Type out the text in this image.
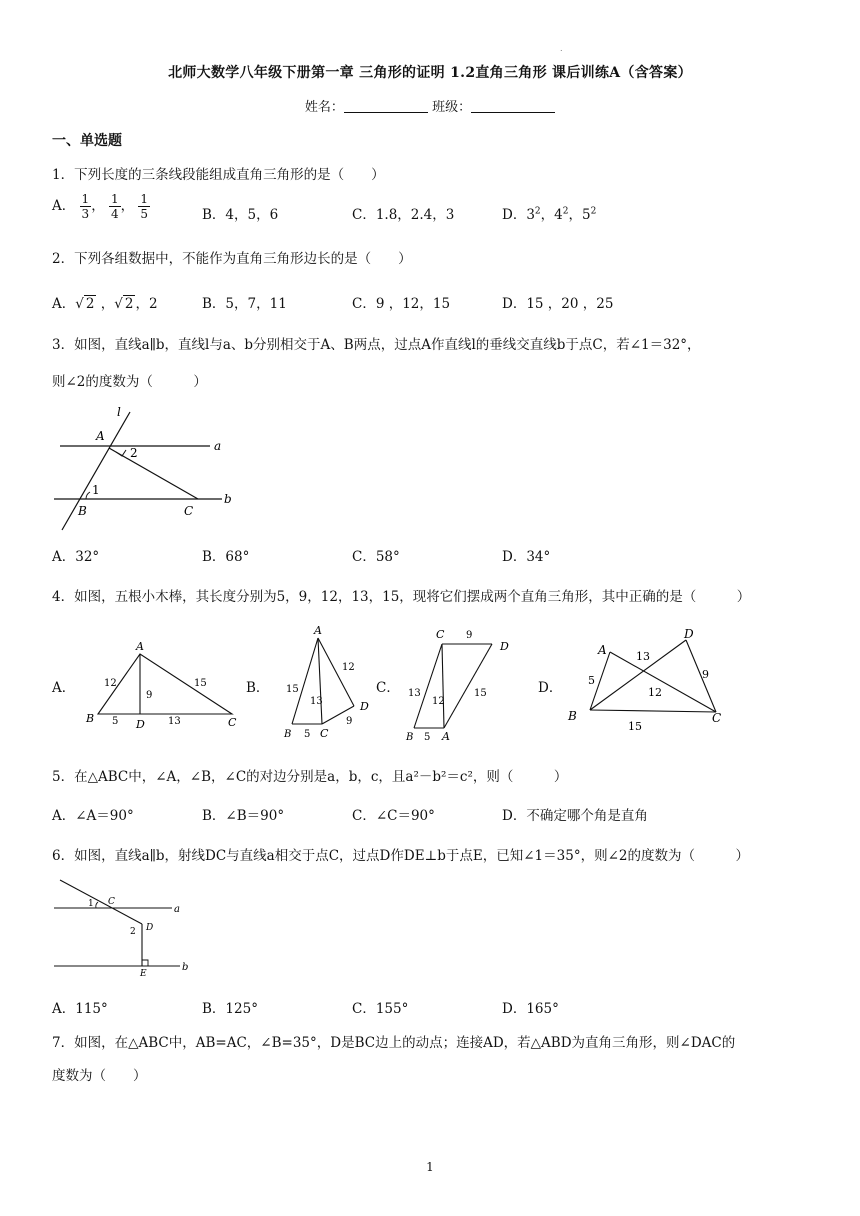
.
北师大数学八年级下册第一章 三角形的证明 1.2直角三角形 课后训练A（含答案）
姓名：	班级：
一、单选题
1．下列长度的三条线段能组成直角三角形的是（　　）
A． $\frac{1}{3}$ ， $\frac{1}{4}$ ， $\frac{1}{5}$	B．4，5，6	C．1.8，2.4，3	D．$3^2$，$4^2$，$5^2$
2．下列各组数据中，不能作为直角三角形边长的是（　　）
A．√ 2 ，√ 2 ，2	B．5，7，11	C．9 ，12，15	D．15 ，20 ，25
3．如图，直线a∥b，直线l与a、b分别相交于A、B两点，过点A作直线l的垂线交直线b于点C，若∠1＝32°，
则∠2的度数为（　　　）
l
A
a
2
1
B	C
b
A．32°	B．68°	C．58°	D．34°
4．如图，五根小木棒，其长度分别为5，9，12，13，15，现将它们摆成两个直角三角形，其中正确的是（　　　）
A．
A
B	D	C
12	15
9
5	13
B．
A
B	C
D
15
12
13
9
5
C．
C
D
B	A
9
13
12
15
5
D．
A
D
B	C
13
5
12
9
15
5．在△ABC中，∠A，∠B，∠C的对边分别是a，b，c，且a²－b²＝c²，则（　　　）
A．∠A＝90°	B．∠B＝90°	C．∠C＝90°	D．不确定哪个角是直角
6．如图，直线a∥b，射线DC与直线a相交于点C，过点D作DE⊥b于点E，已知∠1＝35°，则∠2的度数为（　　　）
1 C
a
2 D
E
b
A．115°	B．125°	C．155°	D．165°
7．如图，在△ABC中，AB=AC，∠B=35°，D是BC边上的动点；连接AD，若△ABD为直角三角形，则∠DAC的
度数为（　　）
1
